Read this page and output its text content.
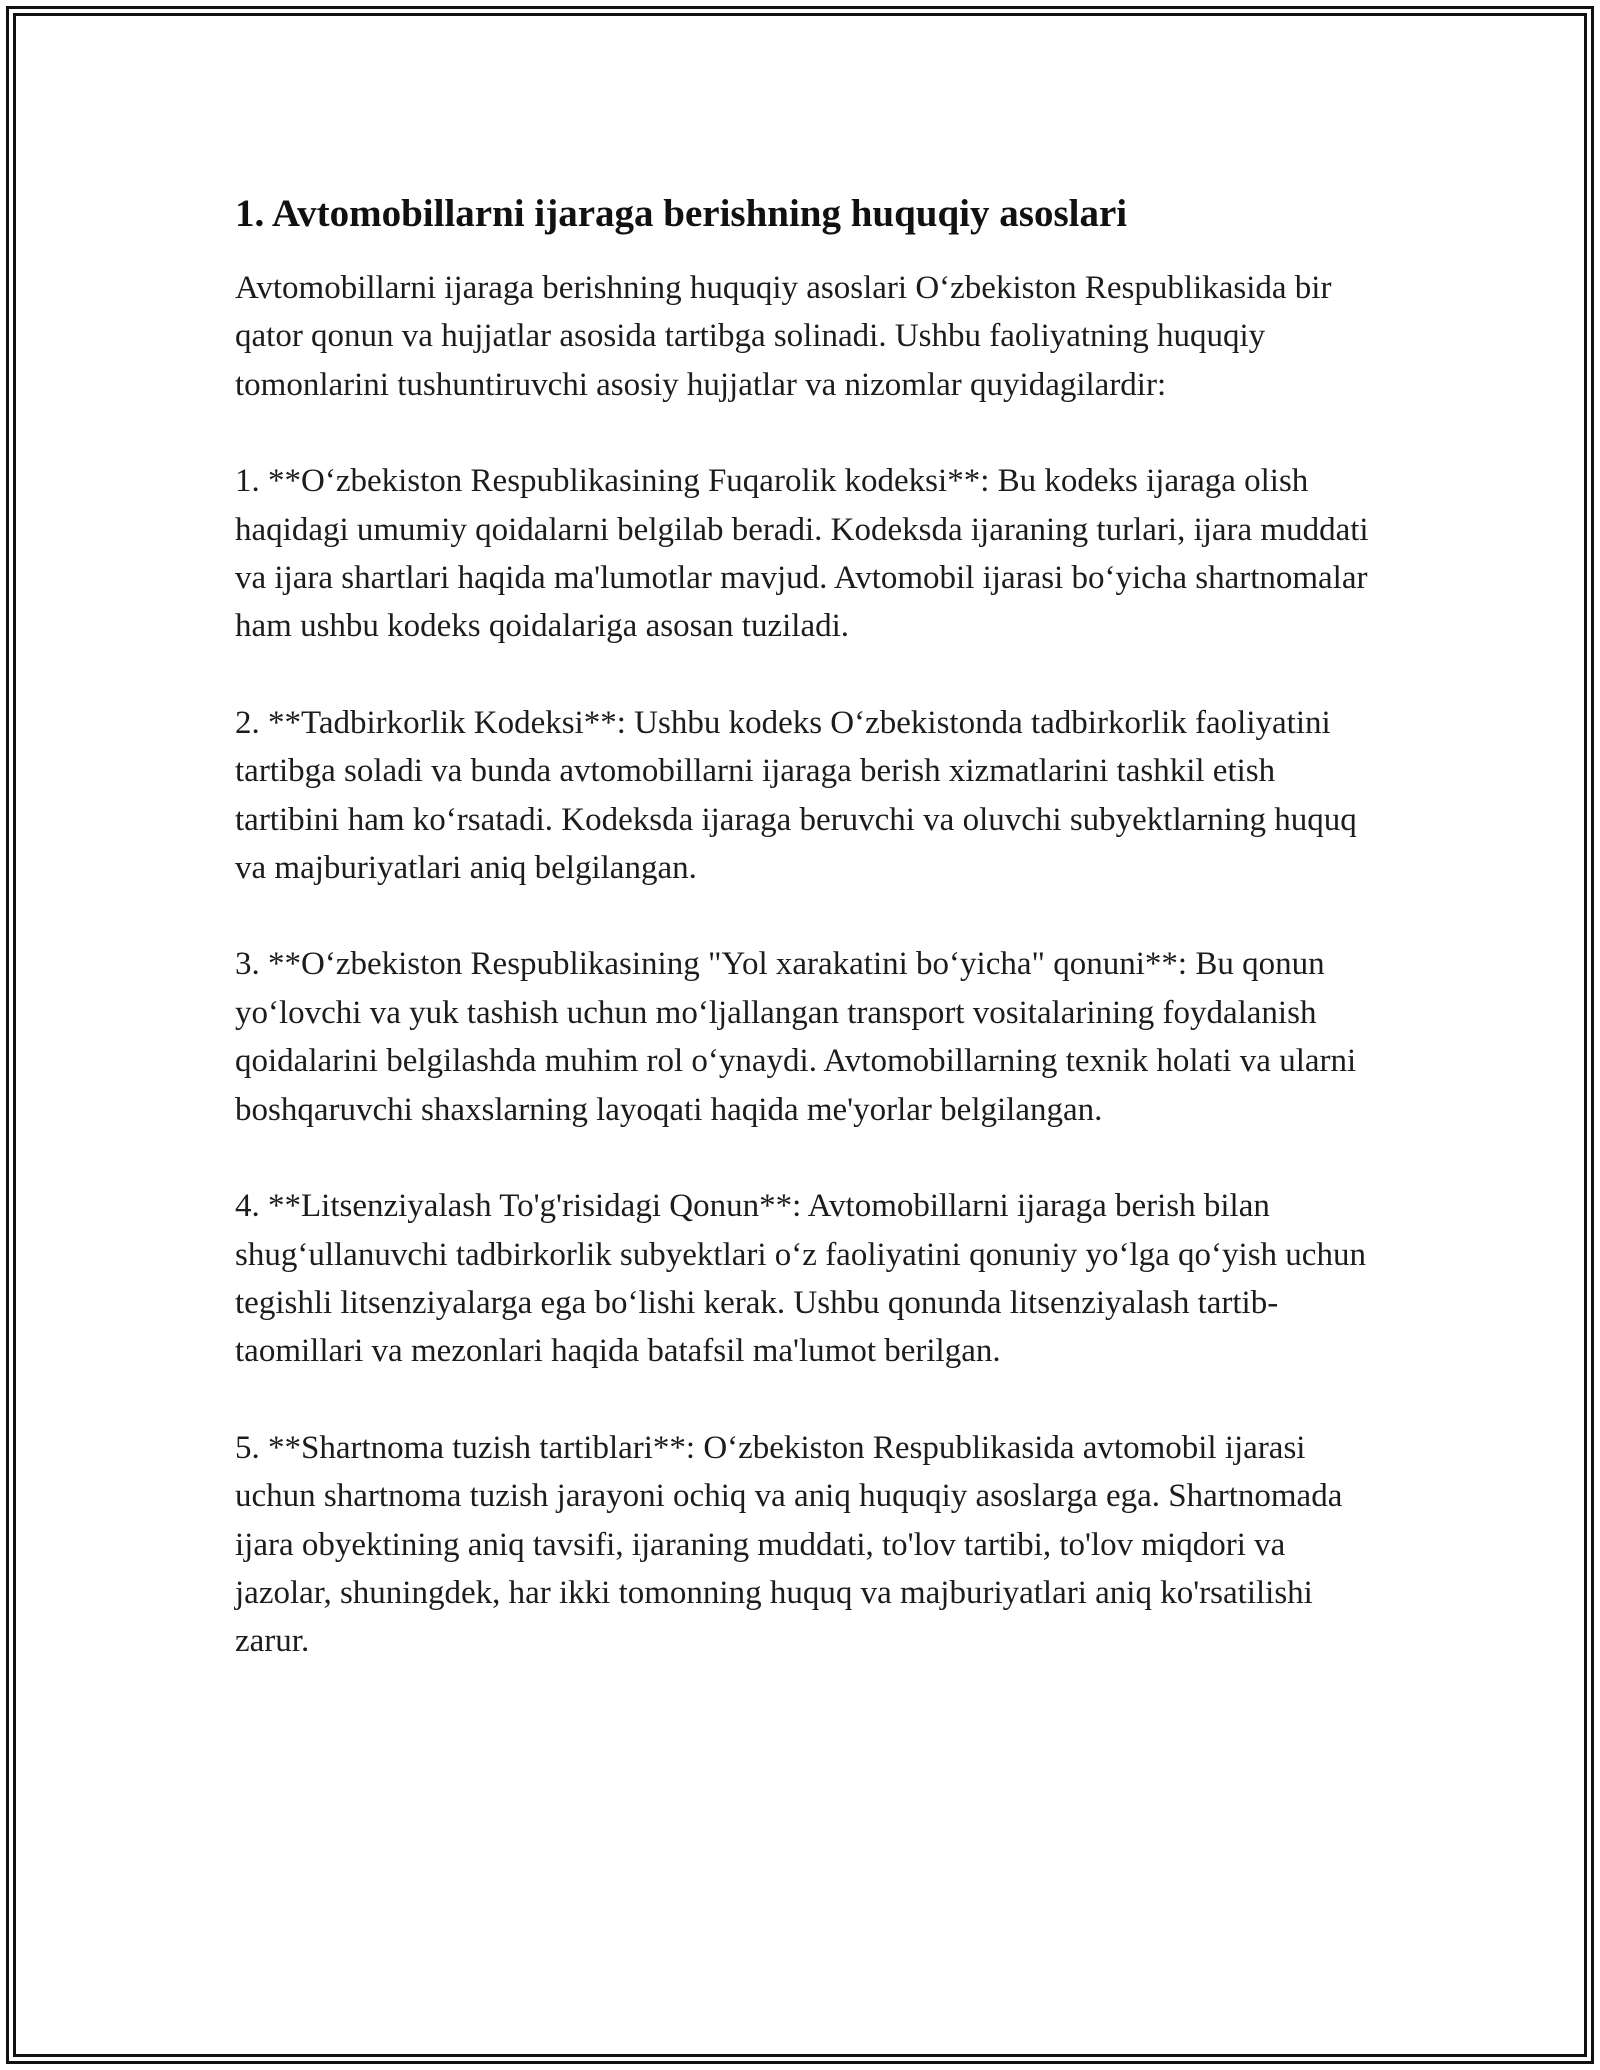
1. Avtomobillarni ijaraga berishning huquqiy asoslari

Avtomobillarni ijaraga berishning huquqiy asoslari O‘zbekiston Respublikasida bir qator qonun va hujjatlar asosida tartibga solinadi. Ushbu faoliyatning huquqiy tomonlarini tushuntiruvchi asosiy hujjatlar va nizomlar quyidagilardir:

1. **O‘zbekiston Respublikasining Fuqarolik kodeksi**: Bu kodeks ijaraga olish haqidagi umumiy qoidalarni belgilab beradi. Kodeksda ijaraning turlari, ijara muddati va ijara shartlari haqida ma'lumotlar mavjud. Avtomobil ijarasi bo‘yicha shartnomalar ham ushbu kodeks qoidalariga asosan tuziladi.

2. **Tadbirkorlik Kodeksi**: Ushbu kodeks O‘zbekistonda tadbirkorlik faoliyatini tartibga soladi va bunda avtomobillarni ijaraga berish xizmatlarini tashkil etish tartibini ham ko‘rsatadi. Kodeksda ijaraga beruvchi va oluvchi subyektlarning huquq va majburiyatlari aniq belgilangan.

3. **O‘zbekiston Respublikasining "Yol xarakatini bo‘yicha" qonuni**: Bu qonun yo‘lovchi va yuk tashish uchun mo‘ljallangan transport vositalarining foydalanish qoidalarini belgilashda muhim rol o‘ynaydi. Avtomobillarning texnik holati va ularni boshqaruvchi shaxslarning layoqati haqida me'yorlar belgilangan.

4. **Litsenziyalash To'g'risidagi Qonun**: Avtomobillarni ijaraga berish bilan shug‘ullanuvchi tadbirkorlik subyektlari o‘z faoliyatini qonuniy yo‘lga qo‘yish uchun tegishli litsenziyalarga ega bo‘lishi kerak. Ushbu qonunda litsenziyalash tartib-taomillari va mezonlari haqida batafsil ma'lumot berilgan.

5. **Shartnoma tuzish tartiblari**: O‘zbekiston Respublikasida avtomobil ijarasi uchun shartnoma tuzish jarayoni ochiq va aniq huquqiy asoslarga ega. Shartnomada ijara obyektining aniq tavsifi, ijaraning muddati, to'lov tartibi, to'lov miqdori va jazolar, shuningdek, har ikki tomonning huquq va majburiyatlari aniq ko'rsatilishi zarur.
